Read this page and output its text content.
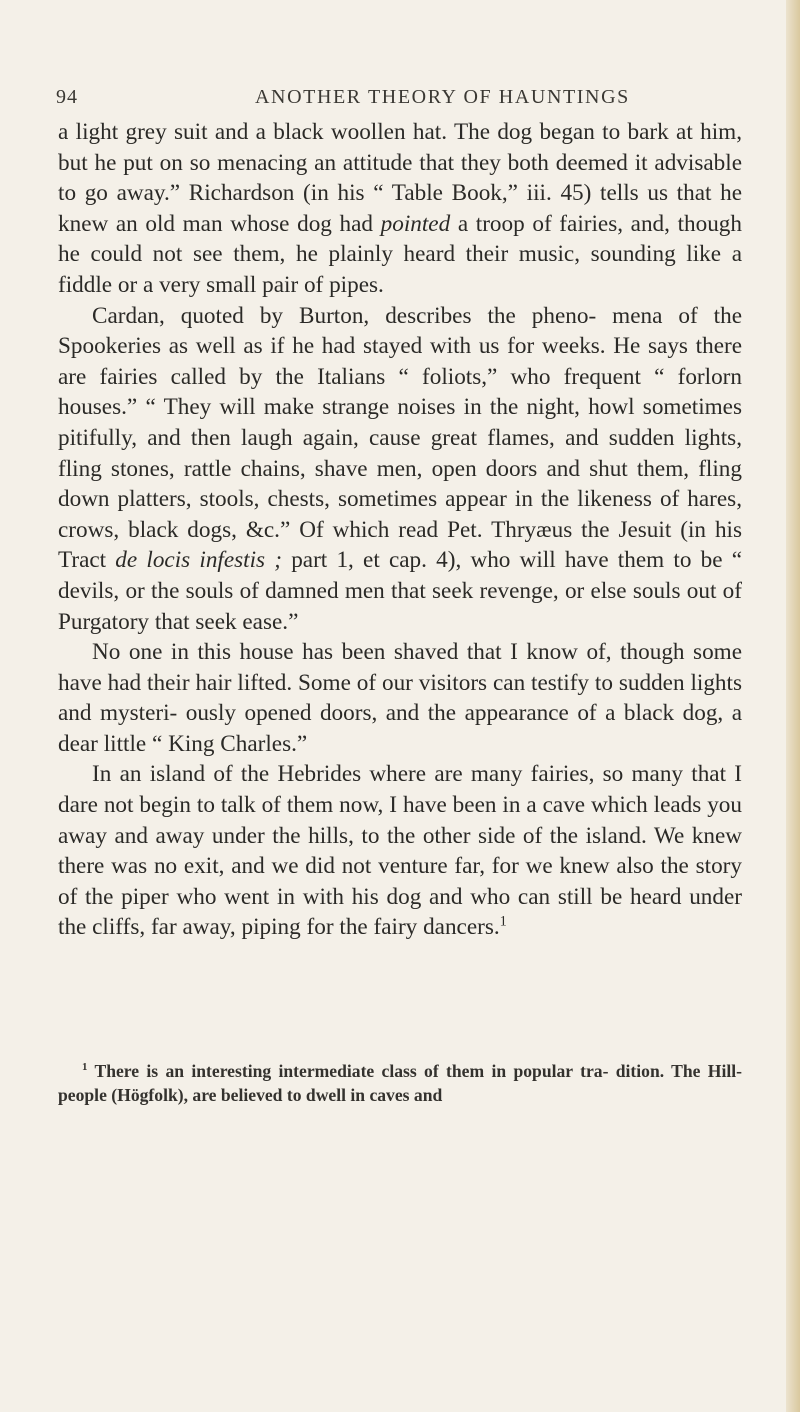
94	ANOTHER THEORY OF HAUNTINGS

a light grey suit and a black woollen hat. The dog began to bark at him, but he put on so menacing an attitude that they both deemed it advisable to go away.” Richardson (in his “ Table Book,” iii. 45) tells us that he knew an old man whose dog had pointed a troop of fairies, and, though he could not see them, he plainly heard their music, sounding like a fiddle or a very small pair of pipes.

Cardan, quoted by Burton, describes the pheno- mena of the Spookeries as well as if he had stayed with us for weeks. He says there are fairies called by the Italians “ foliots,” who frequent “ forlorn houses.” “ They will make strange noises in the night, howl sometimes pitifully, and then laugh again, cause great flames, and sudden lights, fling stones, rattle chains, shave men, open doors and shut them, fling down platters, stools, chests, sometimes appear in the likeness of hares, crows, black dogs, &c.” Of which read Pet. Thryæus the Jesuit (in his Tract de locis infestis ; part 1, et cap. 4), who will have them to be “ devils, or the souls of damned men that seek revenge, or else souls out of Purgatory that seek ease.”

No one in this house has been shaved that I know of, though some have had their hair lifted. Some of our visitors can testify to sudden lights and mysteri- ously opened doors, and the appearance of a black dog, a dear little “ King Charles.”

In an island of the Hebrides where are many fairies, so many that I dare not begin to talk of them now, I have been in a cave which leads you away and away under the hills, to the other side of the island. We knew there was no exit, and we did not venture far, for we knew also the story of the piper who went in with his dog and who can still be heard under the cliffs, far away, piping for the fairy dancers.$^1$

$^1$ There is an interesting intermediate class of them in popular tra- dition. The Hill-people (Högfolk), are believed to dwell in caves and
